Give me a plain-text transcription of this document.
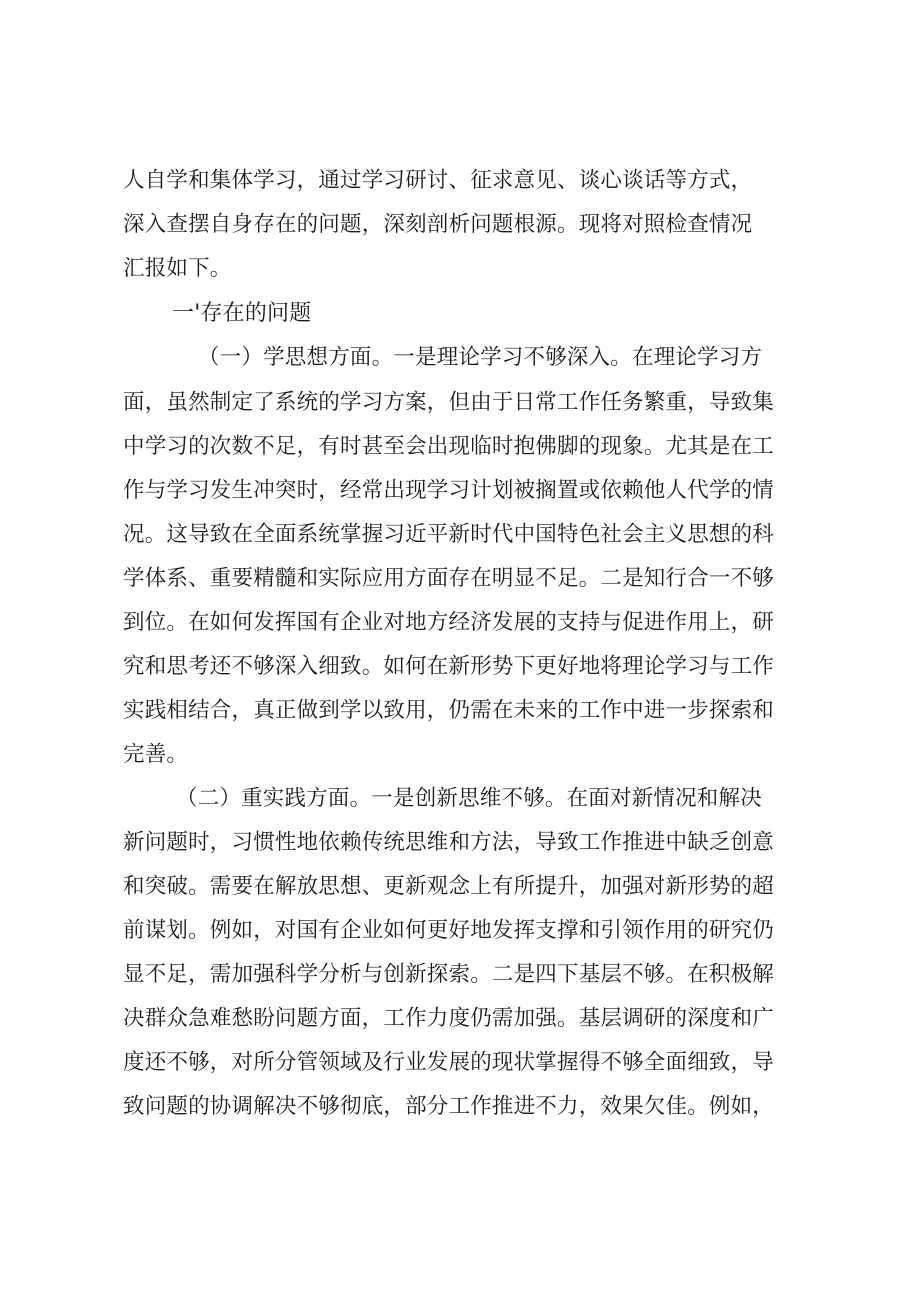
人自学和集体学习，通过学习研讨、征求意见、谈心谈话等方式，
深入查摆自身存在的问题，深刻剖析问题根源。现将对照检查情况
汇报如下。
一'存在的问题
（一）学思想方面。一是理论学习不够深入。在理论学习方
面，虽然制定了系统的学习方案，但由于日常工作任务繁重，导致集
中学习的次数不足，有时甚至会出现临时抱佛脚的现象。尤其是在工
作与学习发生冲突时，经常出现学习计划被搁置或依赖他人代学的情
况。这导致在全面系统掌握习近平新时代中国特色社会主义思想的科
学体系、重要精髓和实际应用方面存在明显不足。二是知行合一不够
到位。在如何发挥国有企业对地方经济发展的支持与促进作用上，研
究和思考还不够深入细致。如何在新形势下更好地将理论学习与工作
实践相结合，真正做到学以致用，仍需在未来的工作中进一步探索和
完善。
（二）重实践方面。一是创新思维不够。在面对新情况和解决
新问题时，习惯性地依赖传统思维和方法，导致工作推进中缺乏创意
和突破。需要在解放思想、更新观念上有所提升，加强对新形势的超
前谋划。例如，对国有企业如何更好地发挥支撑和引领作用的研究仍
显不足，需加强科学分析与创新探索。二是四下基层不够。在积极解
决群众急难愁盼问题方面，工作力度仍需加强。基层调研的深度和广
度还不够，对所分管领域及行业发展的现状掌握得不够全面细致，导
致问题的协调解决不够彻底，部分工作推进不力，效果欠佳。例如，
